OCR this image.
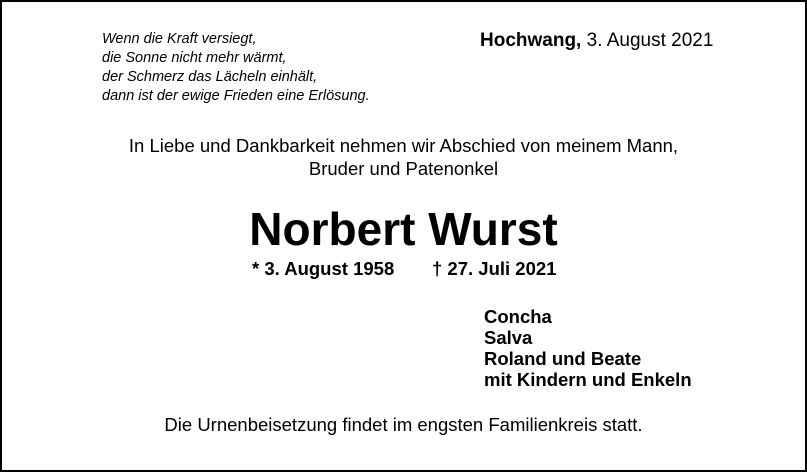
Wenn die Kraft versiegt,
die Sonne nicht mehr wärmt,
der Schmerz das Lächeln einhält,
dann ist der ewige Frieden eine Erlösung.
Hochwang, 3. August 2021
In Liebe und Dankbarkeit nehmen wir Abschied von meinem Mann,
Bruder und Patenonkel
Norbert Wurst
* 3. August 1958 † 27. Juli 2021
Concha
Salva
Roland und Beate
mit Kindern und Enkeln
Die Urnenbeisetzung findet im engsten Familienkreis statt.
